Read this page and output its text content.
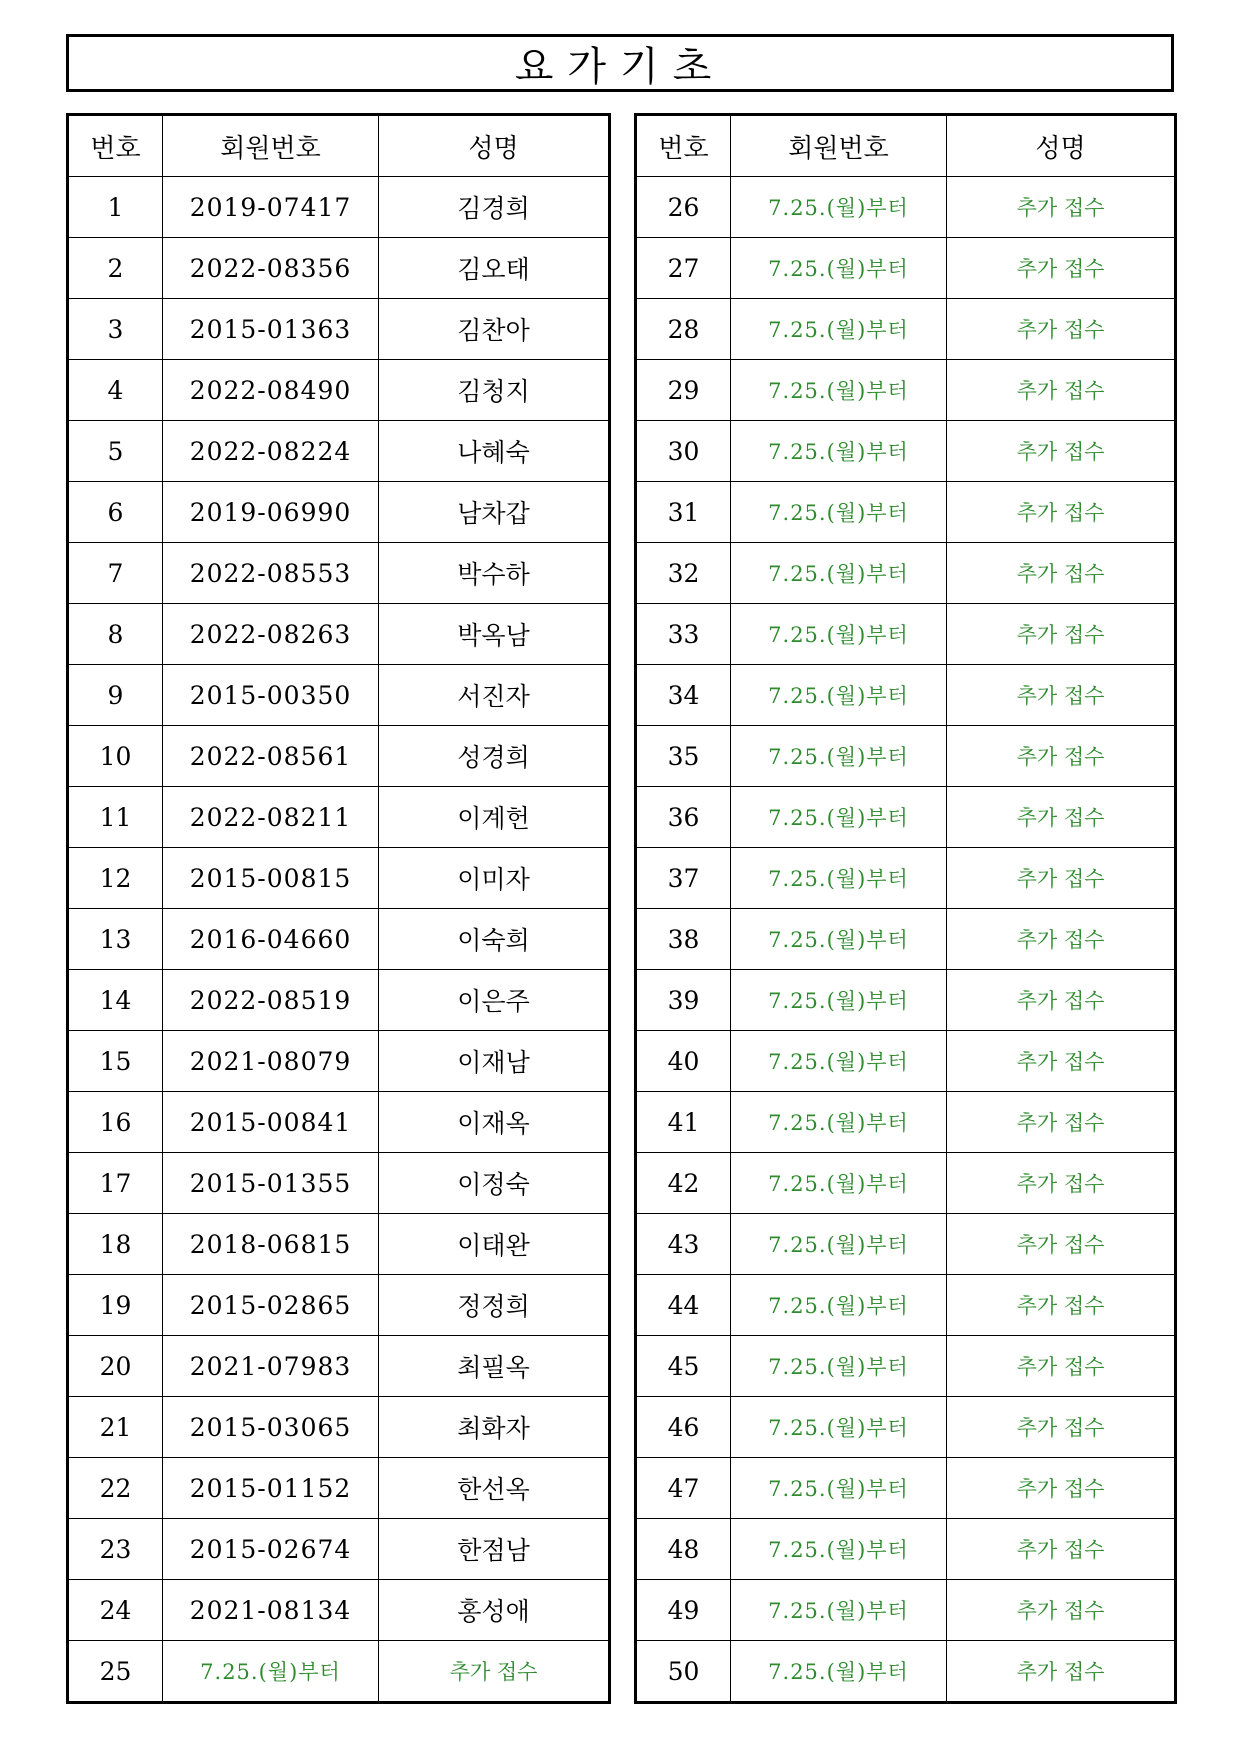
요가기초
번호	회원번호	성명
1	2019-07417	김경희
2	2022-08356	김오태
3	2015-01363	김찬아
4	2022-08490	김청지
5	2022-08224	나혜숙
6	2019-06990	남차갑
7	2022-08553	박수하
8	2022-08263	박옥남
9	2015-00350	서진자
10	2022-08561	성경희
11	2022-08211	이계헌
12	2015-00815	이미자
13	2016-04660	이숙희
14	2022-08519	이은주
15	2021-08079	이재남
16	2015-00841	이재옥
17	2015-01355	이정숙
18	2018-06815	이태완
19	2015-02865	정정희
20	2021-07983	최필옥
21	2015-03065	최화자
22	2015-01152	한선옥
23	2015-02674	한점남
24	2021-08134	홍성애
25	7.25.(월)부터	추가 접수
번호	회원번호	성명
26	7.25.(월)부터	추가 접수
27	7.25.(월)부터	추가 접수
28	7.25.(월)부터	추가 접수
29	7.25.(월)부터	추가 접수
30	7.25.(월)부터	추가 접수
31	7.25.(월)부터	추가 접수
32	7.25.(월)부터	추가 접수
33	7.25.(월)부터	추가 접수
34	7.25.(월)부터	추가 접수
35	7.25.(월)부터	추가 접수
36	7.25.(월)부터	추가 접수
37	7.25.(월)부터	추가 접수
38	7.25.(월)부터	추가 접수
39	7.25.(월)부터	추가 접수
40	7.25.(월)부터	추가 접수
41	7.25.(월)부터	추가 접수
42	7.25.(월)부터	추가 접수
43	7.25.(월)부터	추가 접수
44	7.25.(월)부터	추가 접수
45	7.25.(월)부터	추가 접수
46	7.25.(월)부터	추가 접수
47	7.25.(월)부터	추가 접수
48	7.25.(월)부터	추가 접수
49	7.25.(월)부터	추가 접수
50	7.25.(월)부터	추가 접수
